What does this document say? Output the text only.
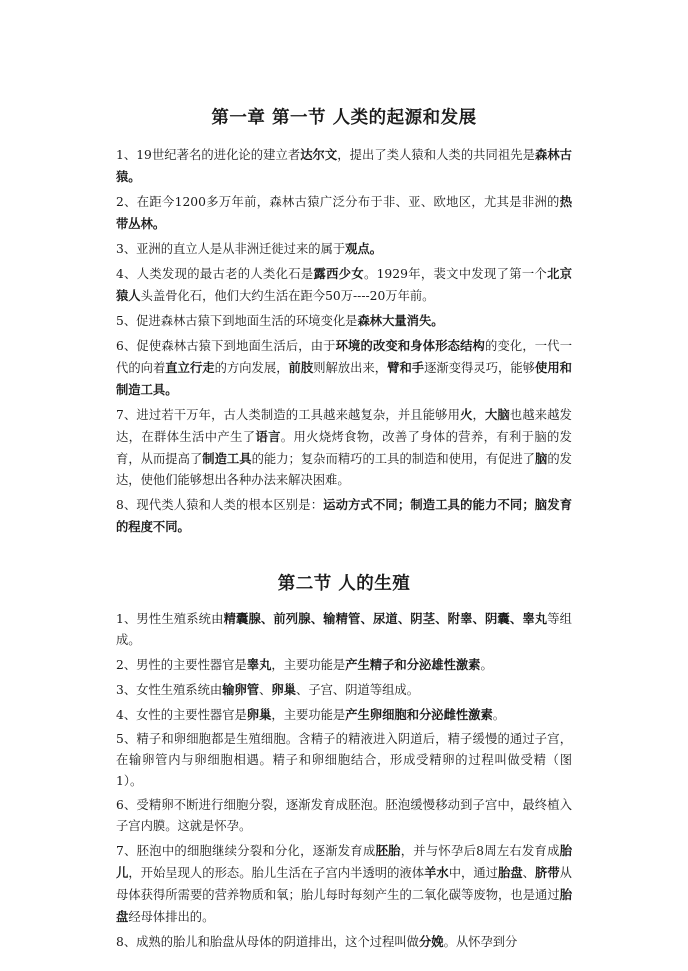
第一章 第一节 人类的起源和发展
1、19世纪著名的进化论的建立者达尔文，提出了类人猿和人类的共同祖先是森林古猿。
2、在距今1200多万年前，森林古猿广泛分布于非、亚、欧地区，尤其是非洲的热带丛林。
3、亚洲的直立人是从非洲迁徙过来的属于观点。
4、人类发现的最古老的人类化石是露西少女。1929年，裴文中发现了第一个北京猿人头盖骨化石，他们大约生活在距今50万----20万年前。
5、促进森林古猿下到地面生活的环境变化是森林大量消失。
6、促使森林古猿下到地面生活后，由于环境的改变和身体形态结构的变化，一代一代的向着直立行走的方向发展，前肢则解放出来，臂和手逐渐变得灵巧，能够使用和制造工具。
7、进过若干万年，古人类制造的工具越来越复杂，并且能够用火，大脑也越来越发达，在群体生活中产生了语言。用火烧烤食物，改善了身体的营养，有利于脑的发育，从而提高了制造工具的能力；复杂而精巧的工具的制造和使用，有促进了脑的发达，使他们能够想出各种办法来解决困难。
8、现代类人猿和人类的根本区别是：运动方式不同；制造工具的能力不同；脑发育的程度不同。
第二节 人的生殖
1、男性生殖系统由精囊腺、前列腺、输精管、尿道、阴茎、附睾、阴囊、睾丸等组成。
2、男性的主要性器官是睾丸，主要功能是产生精子和分泌雄性激素。
3、女性生殖系统由输卵管、卵巢、子宫、阴道等组成。
4、女性的主要性器官是卵巢，主要功能是产生卵细胞和分泌雌性激素。
5、精子和卵细胞都是生殖细胞。含精子的精液进入阴道后，精子缓慢的通过子宫，在输卵管内与卵细胞相遇。精子和卵细胞结合，形成受精卵的过程叫做受精（图1）。
6、受精卵不断进行细胞分裂，逐渐发育成胚泡。胚泡缓慢移动到子宫中，最终植入子宫内膜。这就是怀孕。
7、胚泡中的细胞继续分裂和分化，逐渐发育成胚胎，并与怀孕后8周左右发育成胎儿，开始呈现人的形态。胎儿生活在子宫内半透明的液体羊水中，通过胎盘、脐带从母体获得所需要的营养物质和氧；胎儿每时每刻产生的二氧化碳等废物，也是通过胎盘经母体排出的。
8、成熟的胎儿和胎盘从母体的阴道排出，这个过程叫做分娩。从怀孕到分
